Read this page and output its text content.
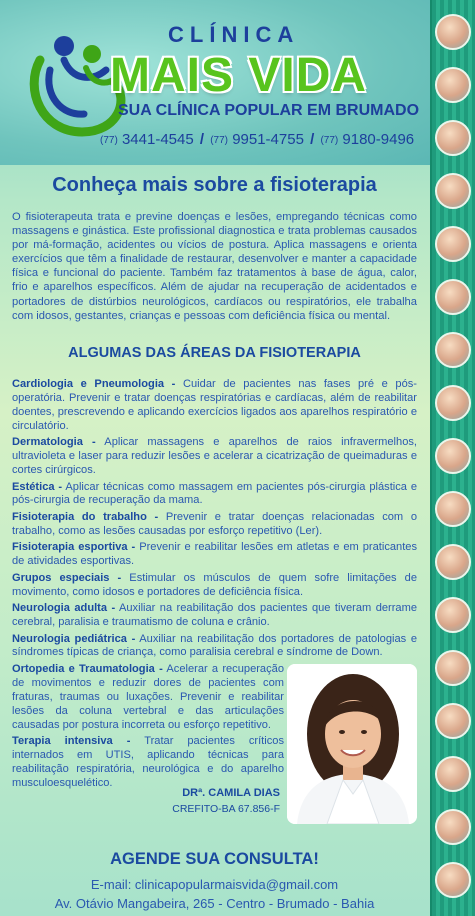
CLÍNICA
MAIS VIDA
SUA CLÍNICA POPULAR EM BRUMADO
(77) 3441-4545 / (77) 9951-4755 / (77) 9180-9496
Conheça mais sobre a fisioterapia

O fisioterapeuta trata e previne doenças e lesões, empregando técnicas como massagens e ginástica. Este profissional diagnostica e trata problemas causados por má-formação, acidentes ou vícios de postura. Aplica massagens e orienta exercícios que têm a finalidade de restaurar, desenvolver e manter a capacidade física e funcional do paciente. Também faz tratamentos à base de água, calor, frio e aparelhos específicos. Além de ajudar na recuperação de acidentados e portadores de distúrbios neurológicos, cardíacos ou respiratórios, ele trabalha com idosos, gestantes, crianças e pessoas com deficiência física ou mental.

ALGUMAS DAS ÁREAS DA FISIOTERAPIA

Cardiologia e Pneumologia - Cuidar de pacientes nas fases pré e pós-operatória. Prevenir e tratar doenças respiratórias e cardíacas, além de reabilitar doentes, prescrevendo e aplicando exercícios ligados aos aparelhos respiratório e circulatório.

Dermatologia - Aplicar massagens e aparelhos de raios infravermelhos, ultravioleta e laser para reduzir lesões e acelerar a cicatrização de queimaduras e cortes cirúrgicos.

Estética - Aplicar técnicas como massagem em pacientes pós-cirurgia plástica e pós-cirurgia de recuperação da mama.

Fisioterapia do trabalho - Prevenir e tratar doenças relacionadas com o trabalho, como as lesões causadas por esforço repetitivo (Ler).

Fisioterapia esportiva - Prevenir e reabilitar lesões em atletas e em praticantes de atividades esportivas.

Grupos especiais - Estimular os músculos de quem sofre limitações de movimento, como idosos e portadores de deficiência física.

Neurologia adulta - Auxiliar na reabilitação dos pacientes que tiveram derrame cerebral, paralisia e traumatismo de coluna e crânio.

Neurologia pediátrica - Auxiliar na reabilitação dos portadores de patologias e síndromes típicas de criança, como paralisia cerebral e síndrome de Down.

Ortopedia e Traumatologia - Acelerar a recuperação de movimentos e reduzir dores de pacientes com fraturas, traumas ou luxações. Prevenir e reabilitar lesões da coluna vertebral e das articulações causadas por postura incorreta ou esforço repetitivo.

Terapia intensiva - Tratar pacientes críticos internados em UTIS, aplicando técnicas para reabilitação respiratória, neurológica e do aparelho musculoesquelético.

DRª. CAMILA DIAS
CREFITO-BA 67.856-F
AGENDE SUA CONSULTA!
E-mail: clinicapopularmaisvida@gmail.com
Av. Otávio Mangabeira, 265 - Centro - Brumado - Bahia
